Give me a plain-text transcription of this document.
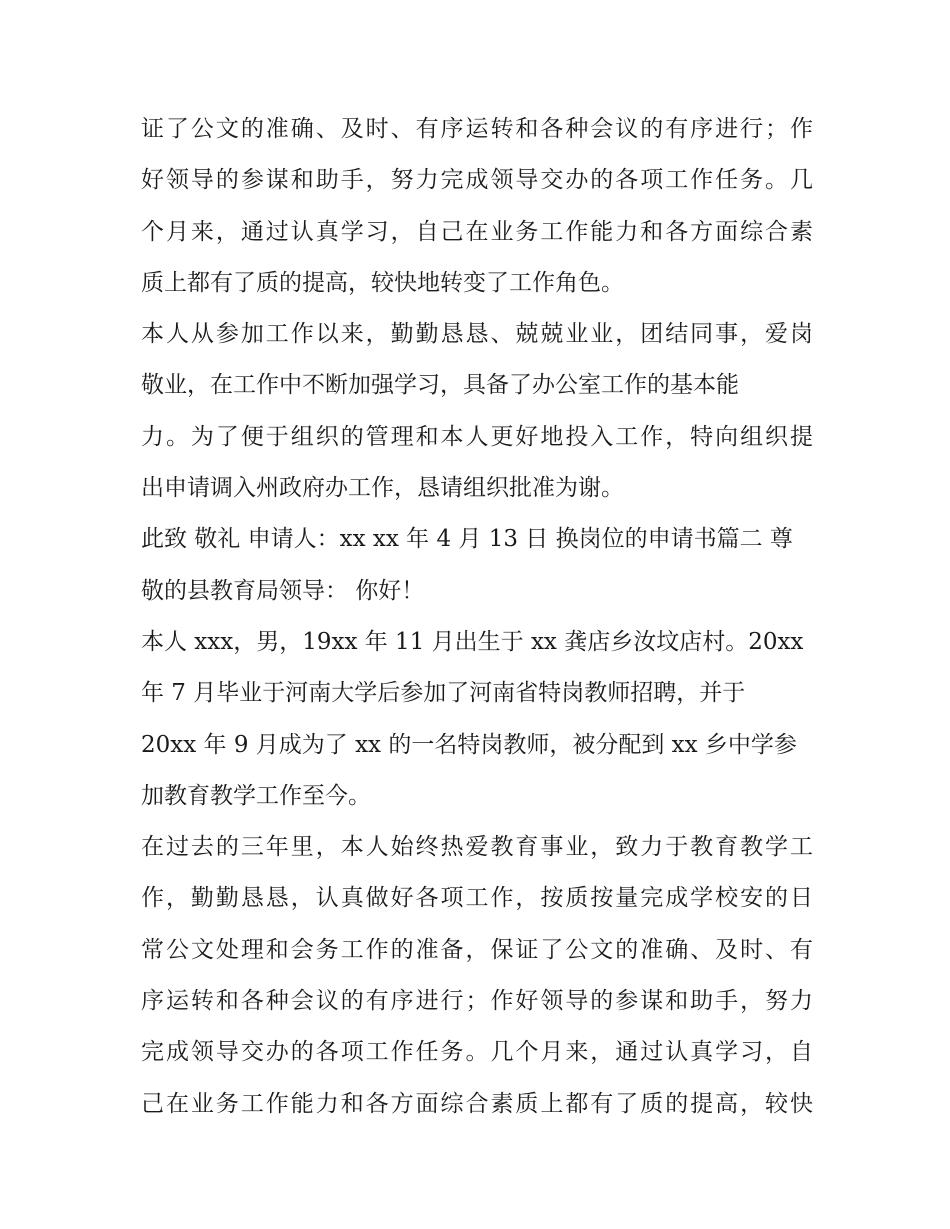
证了公文的准确、及时、有序运转和各种会议的有序进行；作
好领导的参谋和助手，努力完成领导交办的各项工作任务。几
个月来，通过认真学习，自己在业务工作能力和各方面综合素
质上都有了质的提高，较快地转变了工作角色。
本人从参加工作以来，勤勤恳恳、兢兢业业，团结同事，爱岗
敬业，在工作中不断加强学习，具备了办公室工作的基本能
力。为了便于组织的管理和本人更好地投入工作，特向组织提
出申请调入州政府办工作，恳请组织批准为谢。
此致 敬礼 申请人：xx xx 年 4 月 13 日 换岗位的申请书篇二 尊
敬的县教育局领导： 你好！
本人 xxx，男，19xx 年 11 月出生于 xx 龚店乡汝坟店村。20xx
年 7 月毕业于河南大学后参加了河南省特岗教师招聘，并于
20xx 年 9 月成为了 xx 的一名特岗教师，被分配到 xx 乡中学参
加教育教学工作至今。
在过去的三年里，本人始终热爱教育事业，致力于教育教学工
作，勤勤恳恳，认真做好各项工作，按质按量完成学校安的日
常公文处理和会务工作的准备，保证了公文的准确、及时、有
序运转和各种会议的有序进行；作好领导的参谋和助手，努力
完成领导交办的各项工作任务。几个月来，通过认真学习，自
己在业务工作能力和各方面综合素质上都有了质的提高，较快
